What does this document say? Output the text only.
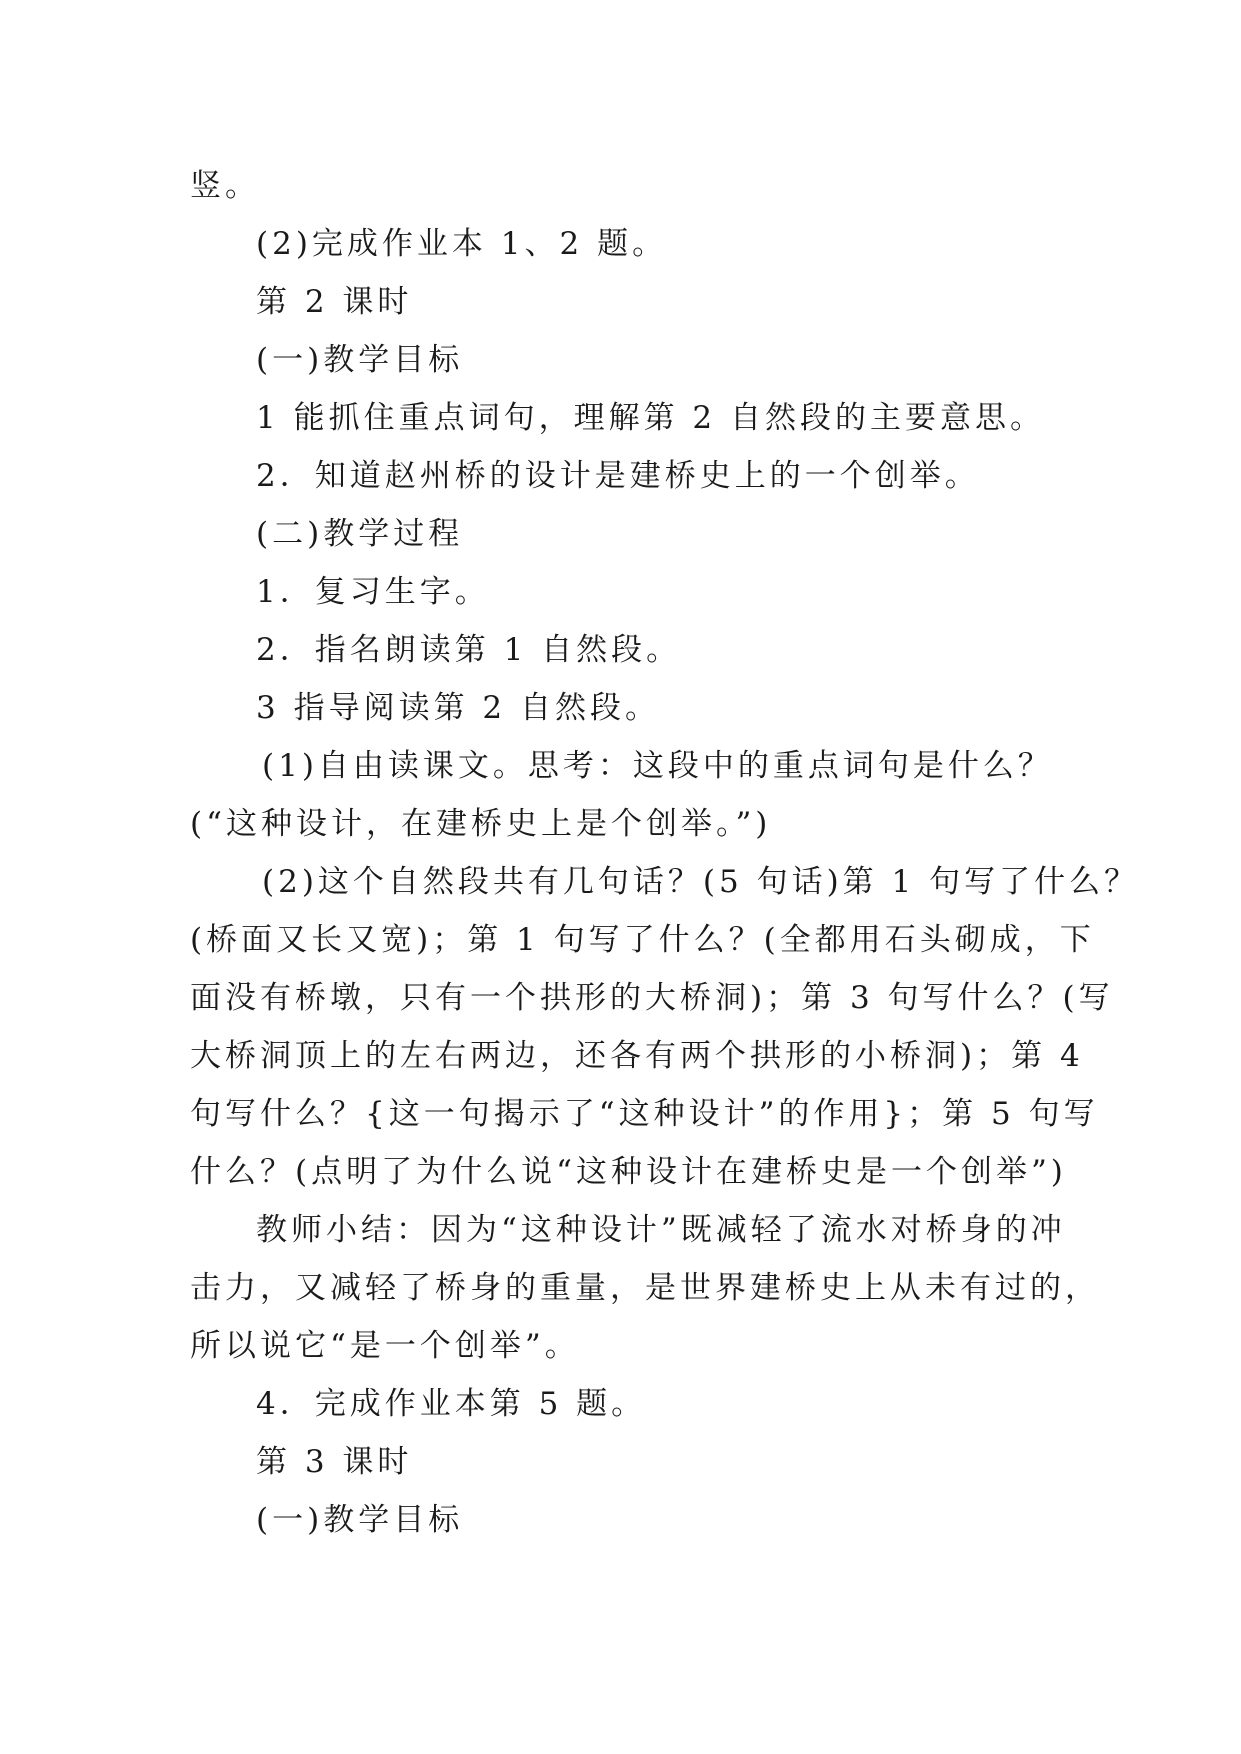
竖。
(2)完成作业本 1、2 题。
第 2 课时
(一)教学目标
1 能抓住重点词句，理解第 2 自然段的主要意思。
2．知道赵州桥的设计是建桥史上的一个创举。
(二)教学过程
1．复习生字。
2．指名朗读第 1 自然段。
3 指导阅读第 2 自然段。
(1)自由读课文。思考：这段中的重点词句是什么？
(“这种设计，在建桥史上是个创举。”)
(2)这个自然段共有几句话？(5 句话)第 1 句写了什么？
(桥面又长又宽)；第 1 句写了什么？(全都用石头砌成，下
面没有桥墩，只有一个拱形的大桥洞)；第 3 句写什么？(写
大桥洞顶上的左右两边，还各有两个拱形的小桥洞)；第 4
句写什么？{这一句揭示了“这种设计”的作用}；第 5 句写
什么？(点明了为什么说“这种设计在建桥史是一个创举”)
教师小结：因为“这种设计”既减轻了流水对桥身的冲
击力，又减轻了桥身的重量，是世界建桥史上从未有过的，
所以说它“是一个创举”。
4．完成作业本第 5 题。
第 3 课时
(一)教学目标
